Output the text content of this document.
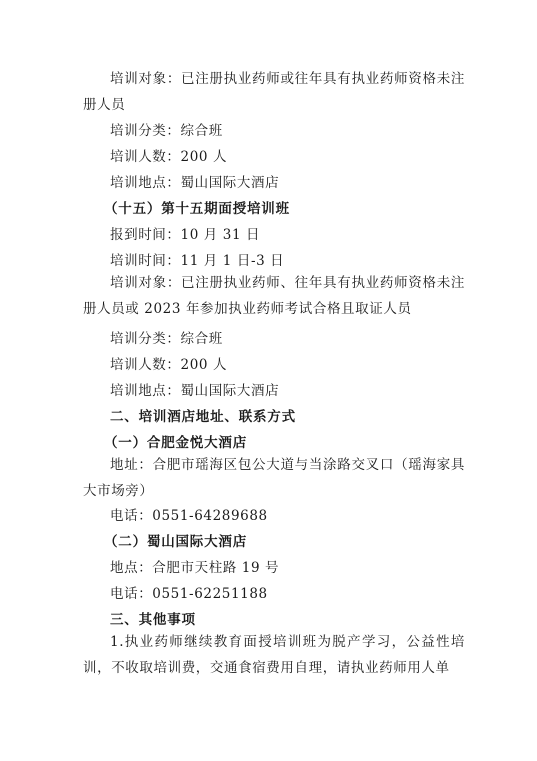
培训对象：已注册执业药师或往年具有执业药师资格未注册人员
培训分类：综合班
培训人数：200 人
培训地点：蜀山国际大酒店
（十五）第十五期面授培训班
报到时间：10 月 31 日
培训时间：11 月 1 日-3 日
培训对象：已注册执业药师、往年具有执业药师资格未注册人员或 2023 年参加执业药师考试合格且取证人员
培训分类：综合班
培训人数：200 人
培训地点：蜀山国际大酒店
二、培训酒店地址、联系方式
（一）合肥金悦大酒店
地址：合肥市瑶海区包公大道与当涂路交叉口（瑶海家具大市场旁）
电话：0551-64289688
（二）蜀山国际大酒店
地点：合肥市天柱路 19 号
电话：0551-62251188
三、其他事项
1.执业药师继续教育面授培训班为脱产学习，公益性培训，不收取培训费，交通食宿费用自理，请执业药师用人单
